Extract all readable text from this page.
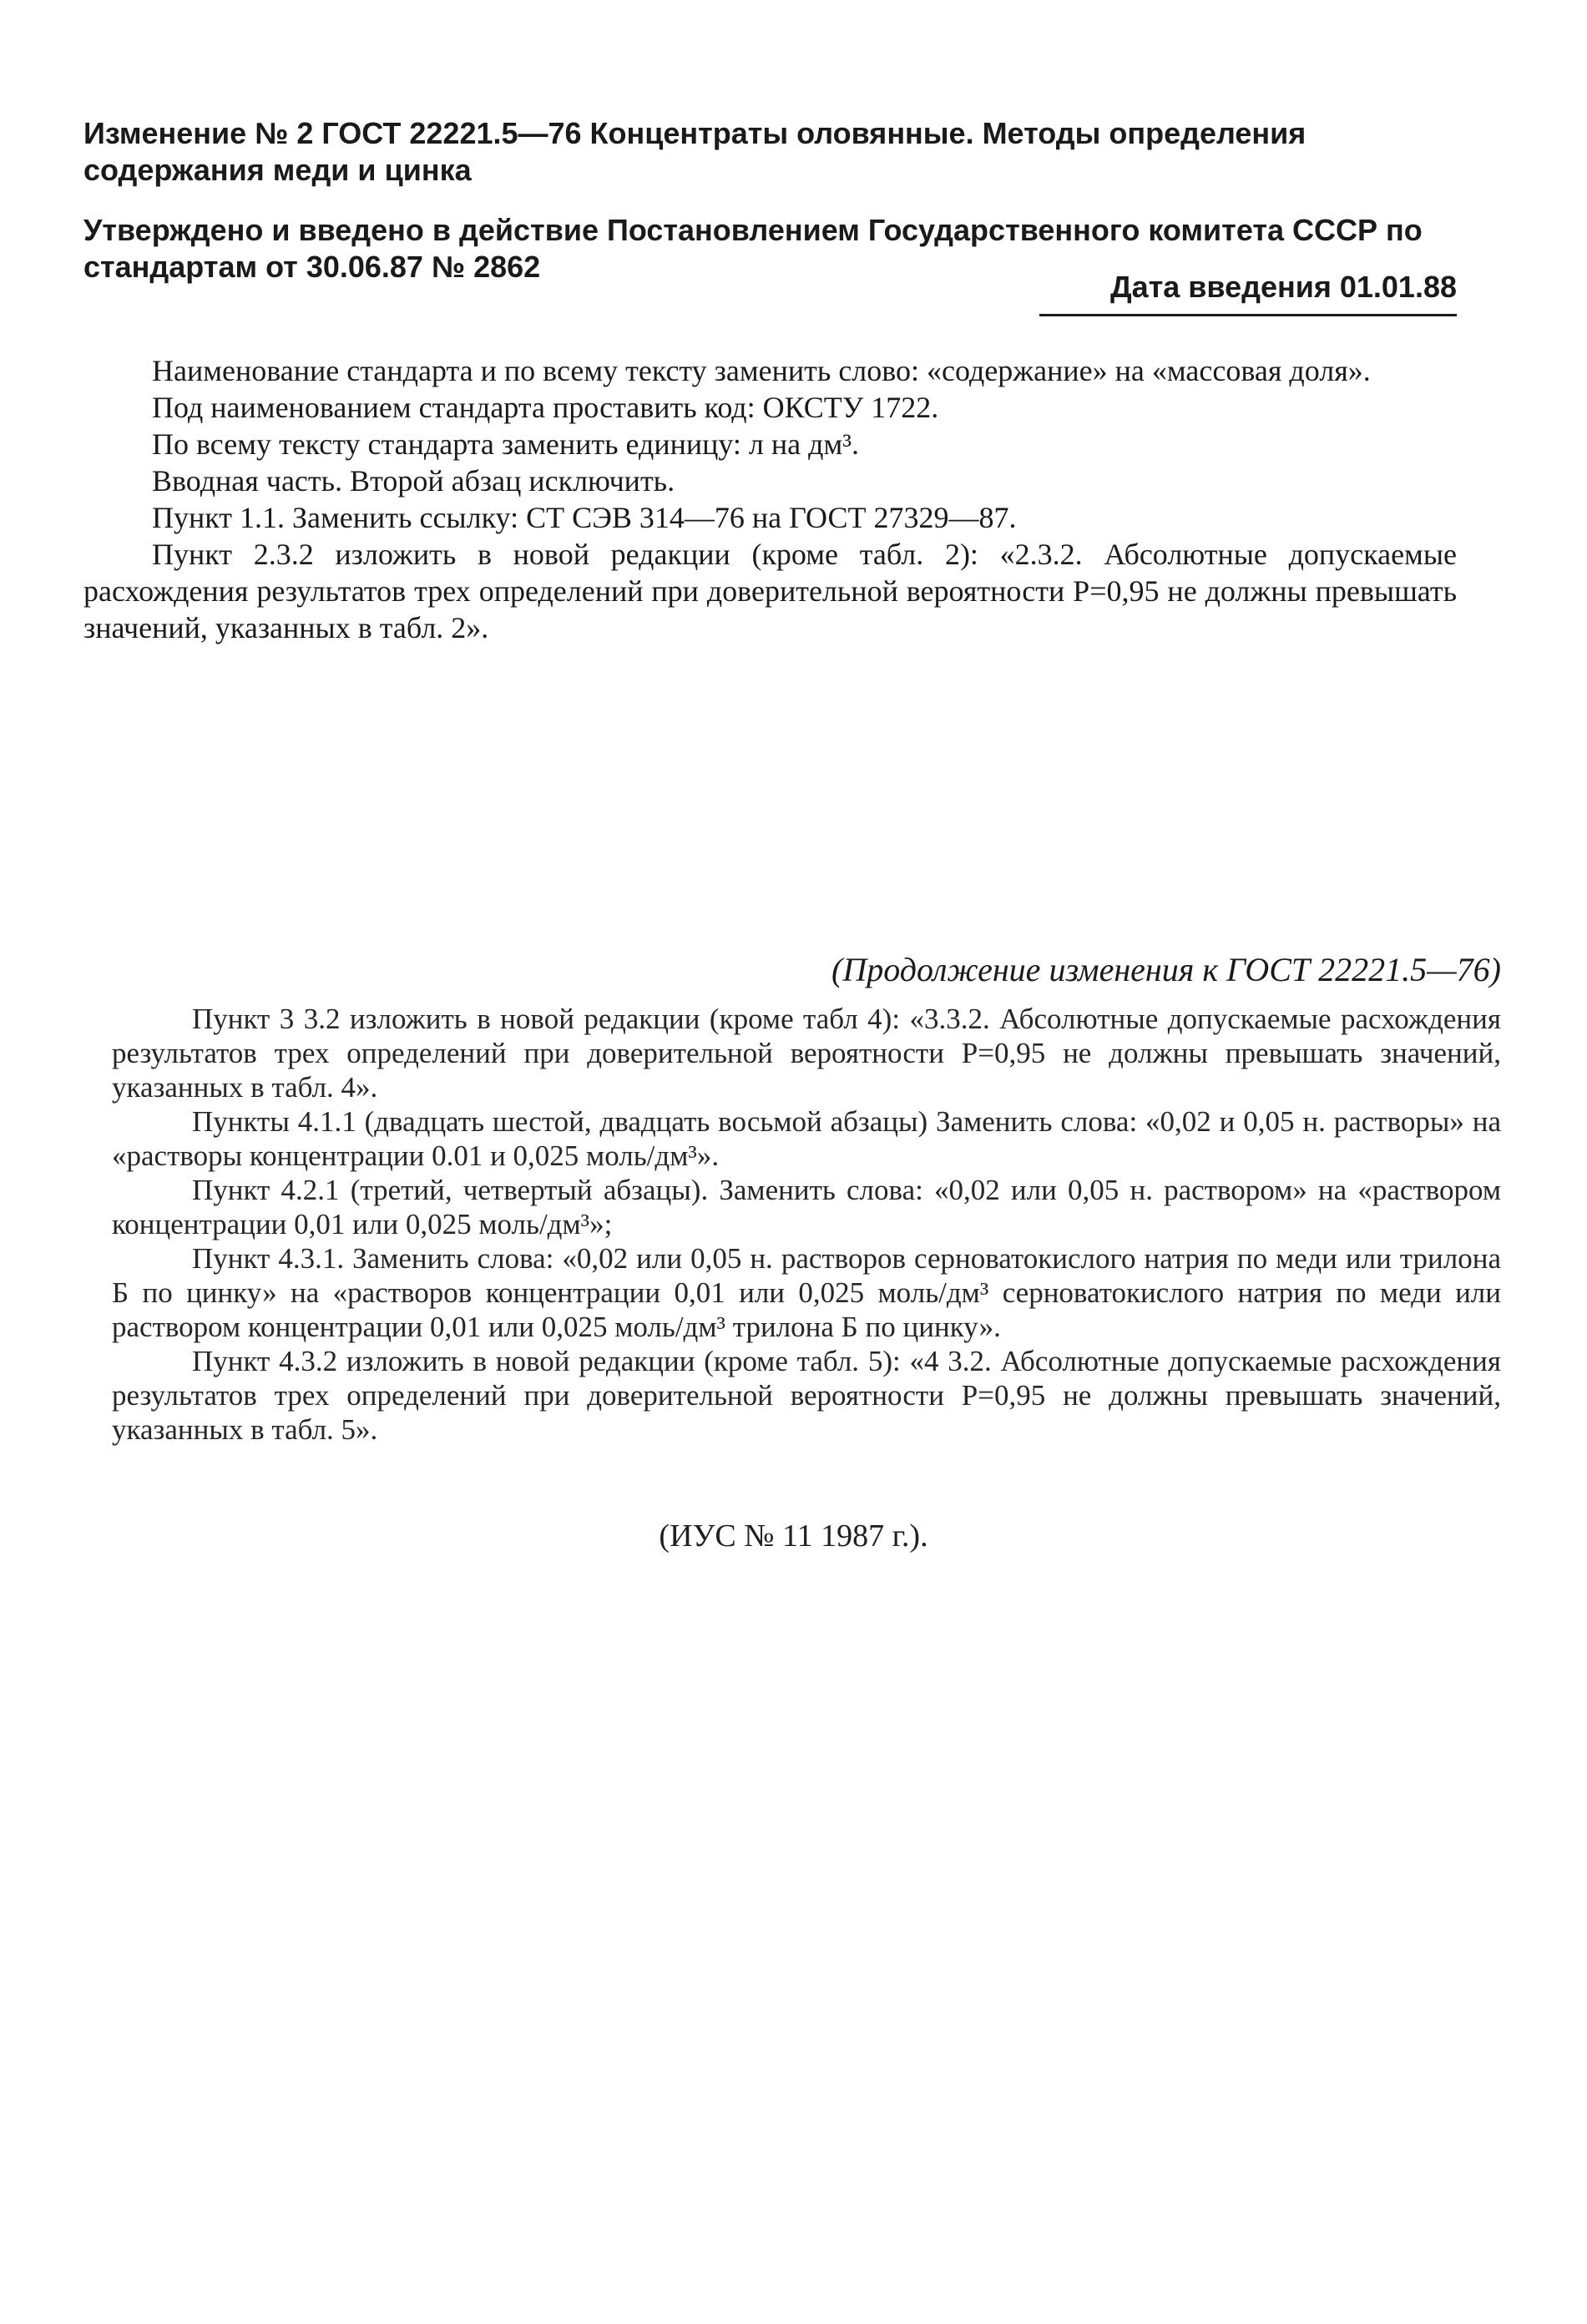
Изменение № 2 ГОСТ 22221.5—76 Концентраты оловянные. Методы определения содержания меди и цинка

Утверждено и введено в действие Постановлением Государственного комитета СССР по стандартам от 30.06.87 № 2862

Дата введения 01.01.88

Наименование стандарта и по всему тексту заменить слово: «содержание» на «массовая доля».

Под наименованием стандарта проставить код: ОКСТУ 1722.

По всему тексту стандарта заменить единицу: л на дм³.

Вводная часть. Второй абзац исключить.

Пункт 1.1. Заменить ссылку: СТ СЭВ 314—76 на ГОСТ 27329—87.

Пункт 2.3.2 изложить в новой редакции (кроме табл. 2): «2.3.2. Абсолютные допускаемые расхождения результатов трех определений при доверительной вероятности P=0,95 не должны превышать значений, указанных в табл. 2».

(Продолжение изменения к ГОСТ 22221.5—76)

Пункт 3 3.2 изложить в новой редакции (кроме табл 4): «3.3.2. Абсолютные допускаемые расхождения результатов трех определений при доверительной вероятности P=0,95 не должны превышать значений, указанных в табл. 4».

Пункты 4.1.1 (двадцать шестой, двадцать восьмой абзацы) Заменить слова: «0,02 и 0,05 н. растворы» на «растворы концентрации 0.01 и 0,025 моль/дм³».

Пункт 4.2.1 (третий, четвертый абзацы). Заменить слова: «0,02 или 0,05 н. раствором» на «раствором концентрации 0,01 или 0,025 моль/дм³»;

Пункт 4.3.1. Заменить слова: «0,02 или 0,05 н. растворов серноватокислого натрия по меди или трилона Б по цинку» на «растворов концентрации 0,01 или 0,025 моль/дм³ серноватокислого натрия по меди или раствором концентрации 0,01 или 0,025 моль/дм³ трилона Б по цинку».

Пункт 4.3.2 изложить в новой редакции (кроме табл. 5): «4 3.2. Абсолютные допускаемые расхождения результатов трех определений при доверительной вероятности P=0,95 не должны превышать значений, указанных в табл. 5».

(ИУС № 11 1987 г.).
